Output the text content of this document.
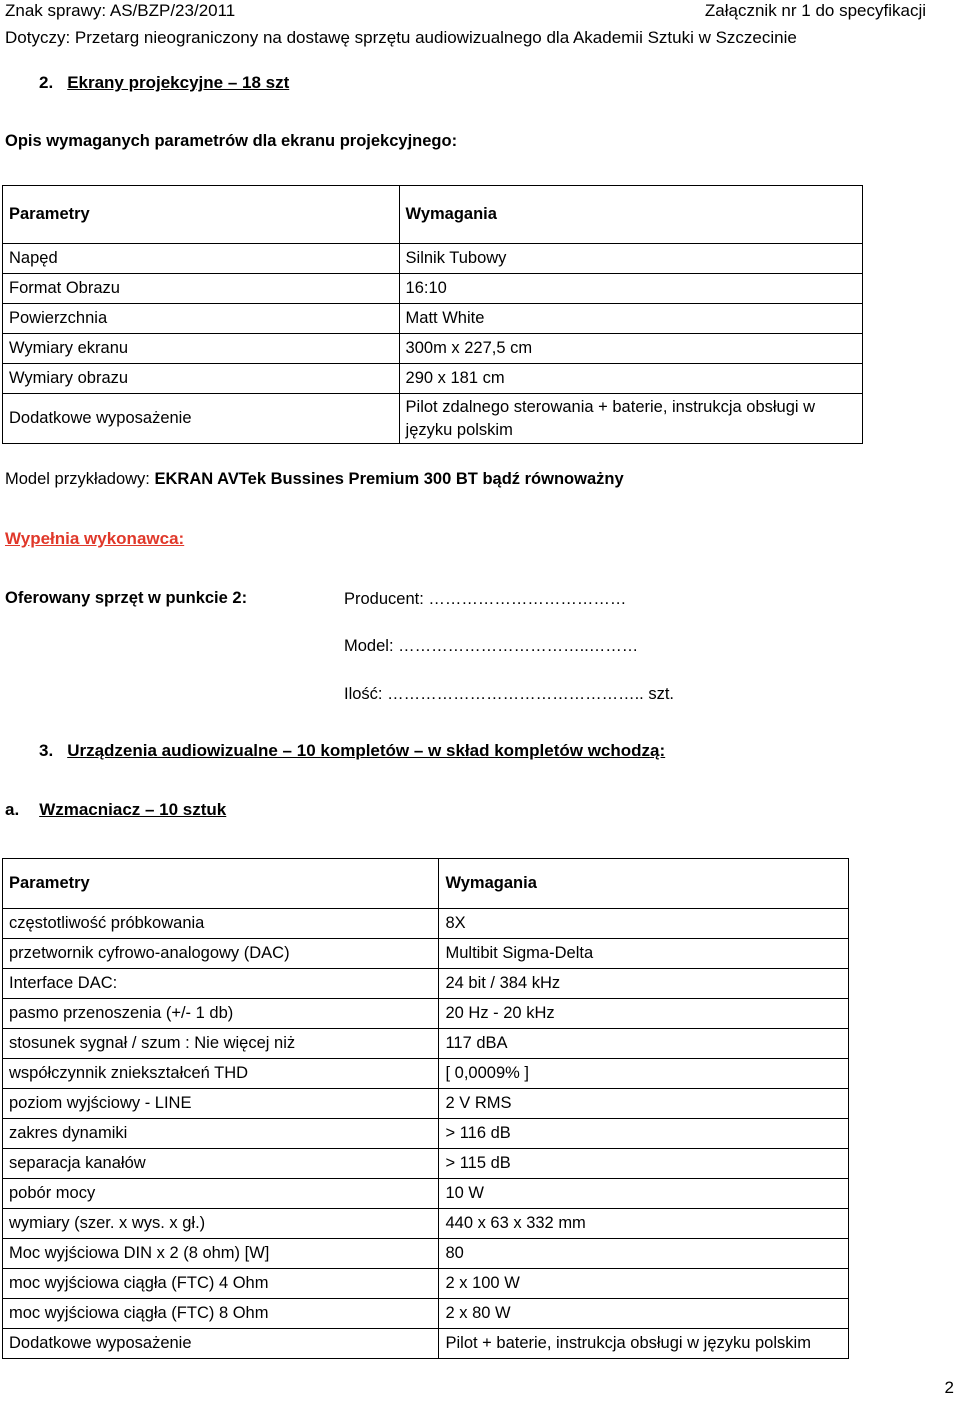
Znak sprawy: AS/BZP/23/2011	Załącznik nr 1 do specyfikacji
Dotyczy: Przetarg nieograniczony na dostawę sprzętu audiowizualnego dla Akademii Sztuki w Szczecinie
2. Ekrany projekcyjne – 18 szt
Opis wymaganych parametrów dla ekranu projekcyjnego:
Parametry	Wymagania
Napęd	Silnik Tubowy
Format Obrazu	16:10
Powierzchnia	Matt White
Wymiary ekranu	300m x 227,5 cm
Wymiary obrazu	290 x 181 cm
Dodatkowe wyposażenie	Pilot zdalnego sterowania + baterie, instrukcja obsługi w
języku polskim
Model przykładowy: EKRAN AVTek Bussines Premium 300 BT bądź równoważny
Wypełnia wykonawca:
Oferowany sprzęt w punkcie 2:	Producent: ………………………………
Model: ……………………………..………
Ilość: ……………………………………….. szt.
3. Urządzenia audiowizualne – 10 kompletów – w skład kompletów wchodzą:
a. Wzmacniacz – 10 sztuk
Parametry	Wymagania
częstotliwość próbkowania	8X
przetwornik cyfrowo-analogowy (DAC)	Multibit Sigma-Delta
Interface DAC:	24 bit / 384 kHz
pasmo przenoszenia (+/- 1 db)	20 Hz - 20 kHz
stosunek sygnał / szum : Nie więcej niż	117 dBA
współczynnik zniekształceń THD	[ 0,0009% ]
poziom wyjściowy - LINE	2 V RMS
zakres dynamiki	> 116 dB
separacja kanałów	> 115 dB
pobór mocy	10 W
wymiary (szer. x wys. x gł.)	440 x 63 x 332 mm
Moc wyjściowa DIN x 2 (8 ohm) [W]	80
moc wyjściowa ciągła (FTC) 4 Ohm	2 x 100 W
moc wyjściowa ciągła (FTC) 8 Ohm	2 x 80 W
Dodatkowe wyposażenie	Pilot + baterie, instrukcja obsługi w języku polskim
2
